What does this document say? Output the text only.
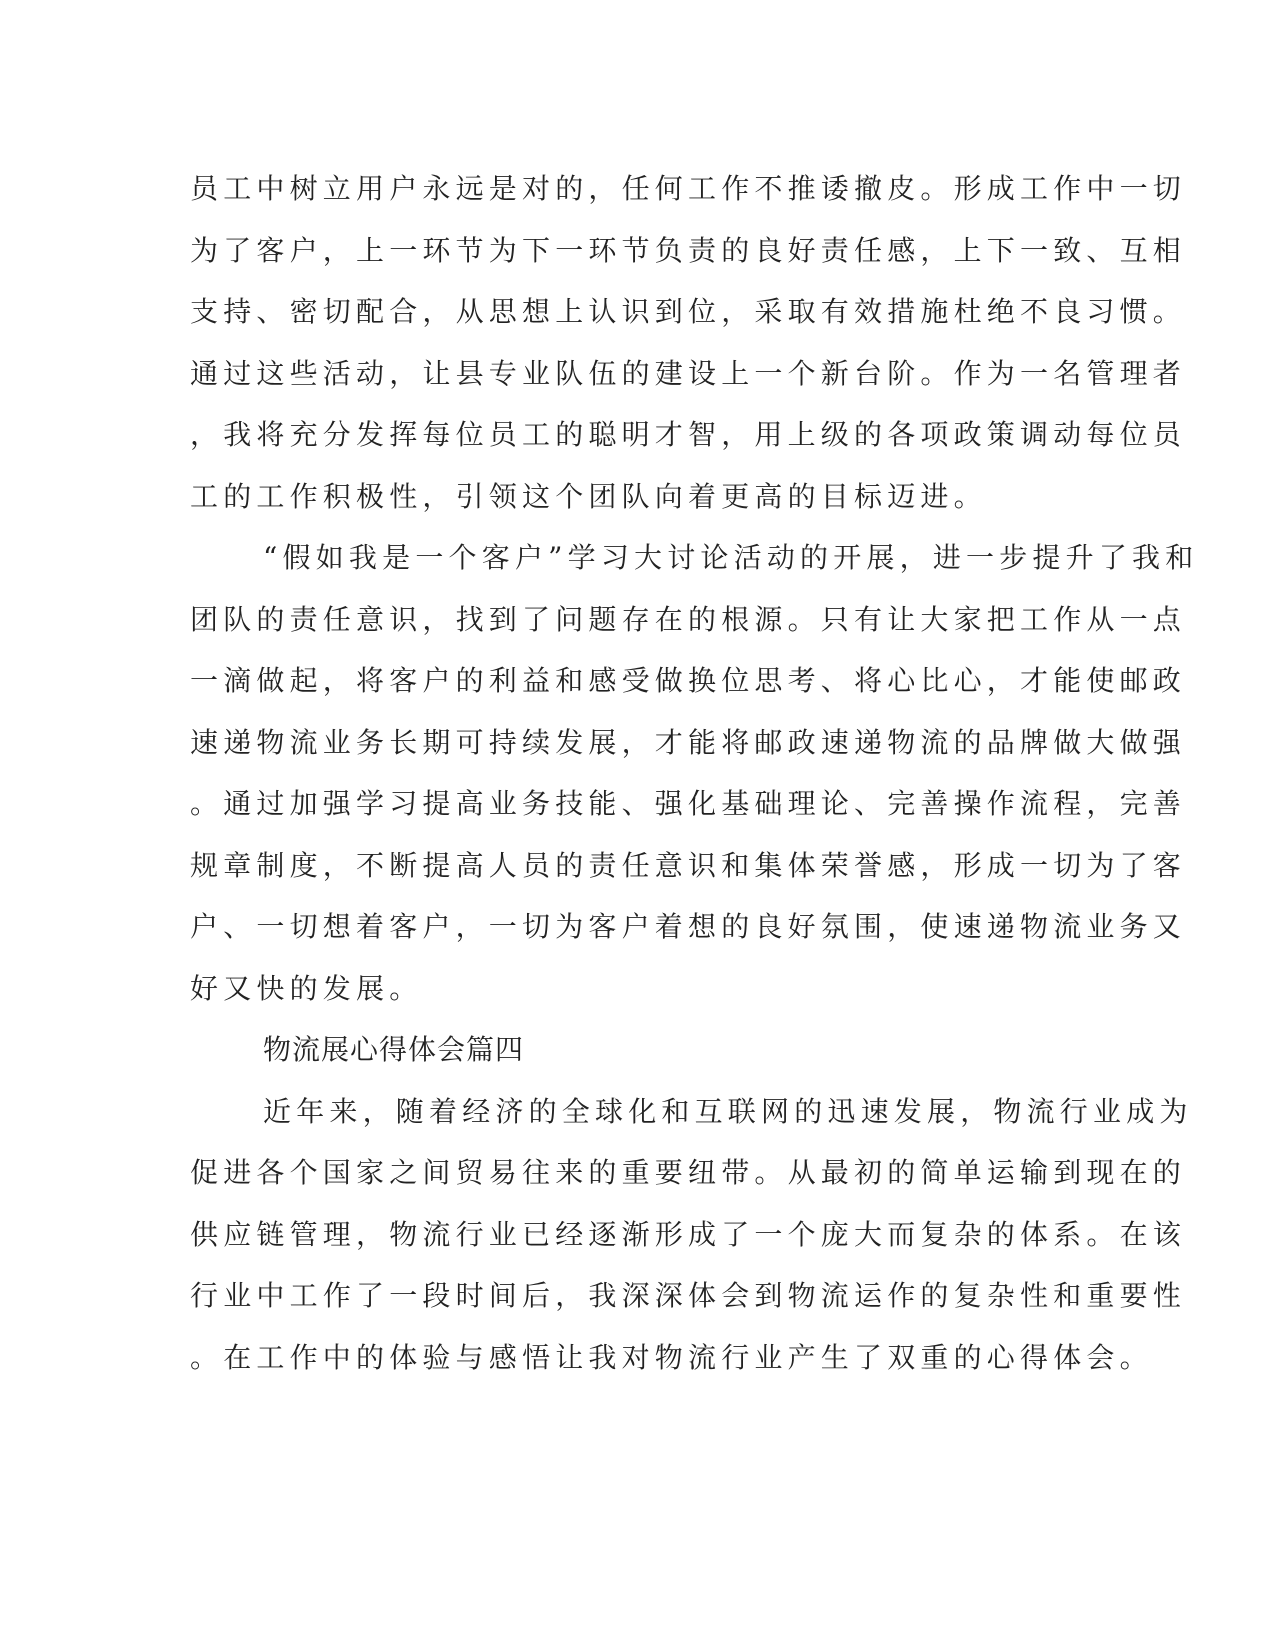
员工中树立用户永远是对的，任何工作不推诿撤皮。形成工作中一切
为了客户，上一环节为下一环节负责的良好责任感，上下一致、互相
支持、密切配合，从思想上认识到位，采取有效措施杜绝不良习惯。
通过这些活动，让县专业队伍的建设上一个新台阶。作为一名管理者
，我将充分发挥每位员工的聪明才智，用上级的各项政策调动每位员
工的工作积极性，引领这个团队向着更高的目标迈进。
“假如我是一个客户”学习大讨论活动的开展，进一步提升了我和
团队的责任意识，找到了问题存在的根源。只有让大家把工作从一点
一滴做起，将客户的利益和感受做换位思考、将心比心，才能使邮政
速递物流业务长期可持续发展，才能将邮政速递物流的品牌做大做强
。通过加强学习提高业务技能、强化基础理论、完善操作流程，完善
规章制度，不断提高人员的责任意识和集体荣誉感，形成一切为了客
户、一切想着客户，一切为客户着想的良好氛围，使速递物流业务又
好又快的发展。
物流展心得体会篇四
近年来，随着经济的全球化和互联网的迅速发展，物流行业成为
促进各个国家之间贸易往来的重要纽带。从最初的简单运输到现在的
供应链管理，物流行业已经逐渐形成了一个庞大而复杂的体系。在该
行业中工作了一段时间后，我深深体会到物流运作的复杂性和重要性
。在工作中的体验与感悟让我对物流行业产生了双重的心得体会。
